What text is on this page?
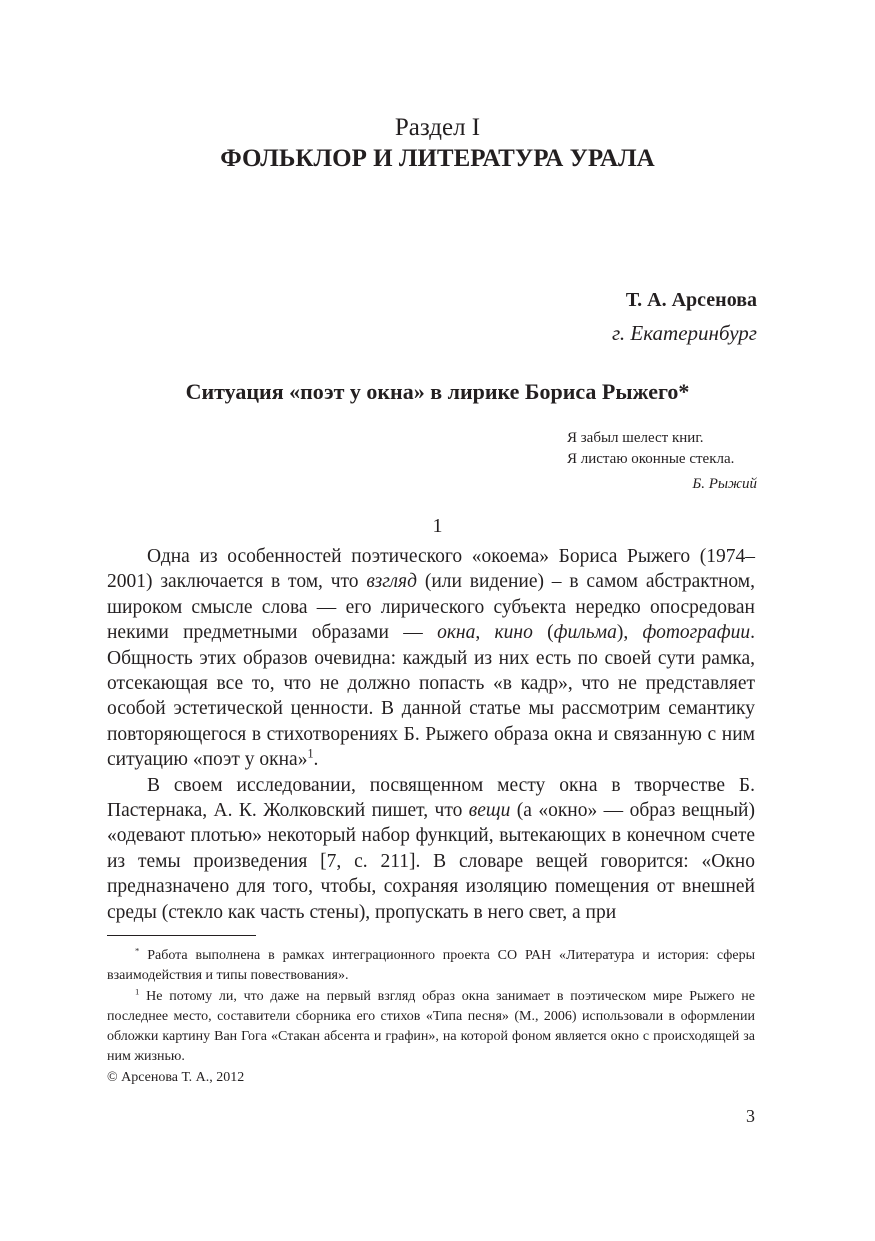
Раздел I
ФОЛЬКЛОР И ЛИТЕРАТУРА УРАЛА
Т. А. Арсенова
г. Екатеринбург
Ситуация «поэт у окна» в лирике Бориса Рыжего*
Я забыл шелест книг.
Я листаю оконные стекла.
Б. Рыжий
1

Одна из особенностей поэтического «окоема» Бориса Рыжего (1974–2001) заключается в том, что взгляд (или видение) – в самом абстрактном, широком смысле слова — его лирического субъекта нередко опосредован некими предметными образами — окна, кино (фильма), фотографии. Общность этих образов очевидна: каждый из них есть по своей сути рамка, отсекающая все то, что не должно попасть «в кадр», что не представляет особой эстетической ценности. В данной статье мы рассмотрим семантику повторяющегося в стихотворениях Б. Рыжего образа окна и связанную с ним ситуацию «поэт у окна»$^1$.

В своем исследовании, посвященном месту окна в творчестве Б. Пастернака, А. К. Жолковский пишет, что вещи (а «окно» — образ вещный) «одевают плотью» некоторый набор функций, вытекающих в конечном счете из темы произведения [7, с. 211]. В словаре вещей говорится: «Окно предназначено для того, чтобы, сохраняя изоляцию помещения от внешней среды (стекло как часть стены), пропускать в него свет, а при

* Работа выполнена в рамках интеграционного проекта СО РАН «Литература и история: сферы взаимодействия и типы повествования».

$^1$ Не потому ли, что даже на первый взгляд образ окна занимает в поэтическом мире Рыжего не последнее место, составители сборника его стихов «Типа песня» (М., 2006) использовали в оформлении обложки картину Ван Гога «Стакан абсента и графин», на которой фоном является окно с происходящей за ним жизнью.

© Арсенова Т. А., 2012

3
